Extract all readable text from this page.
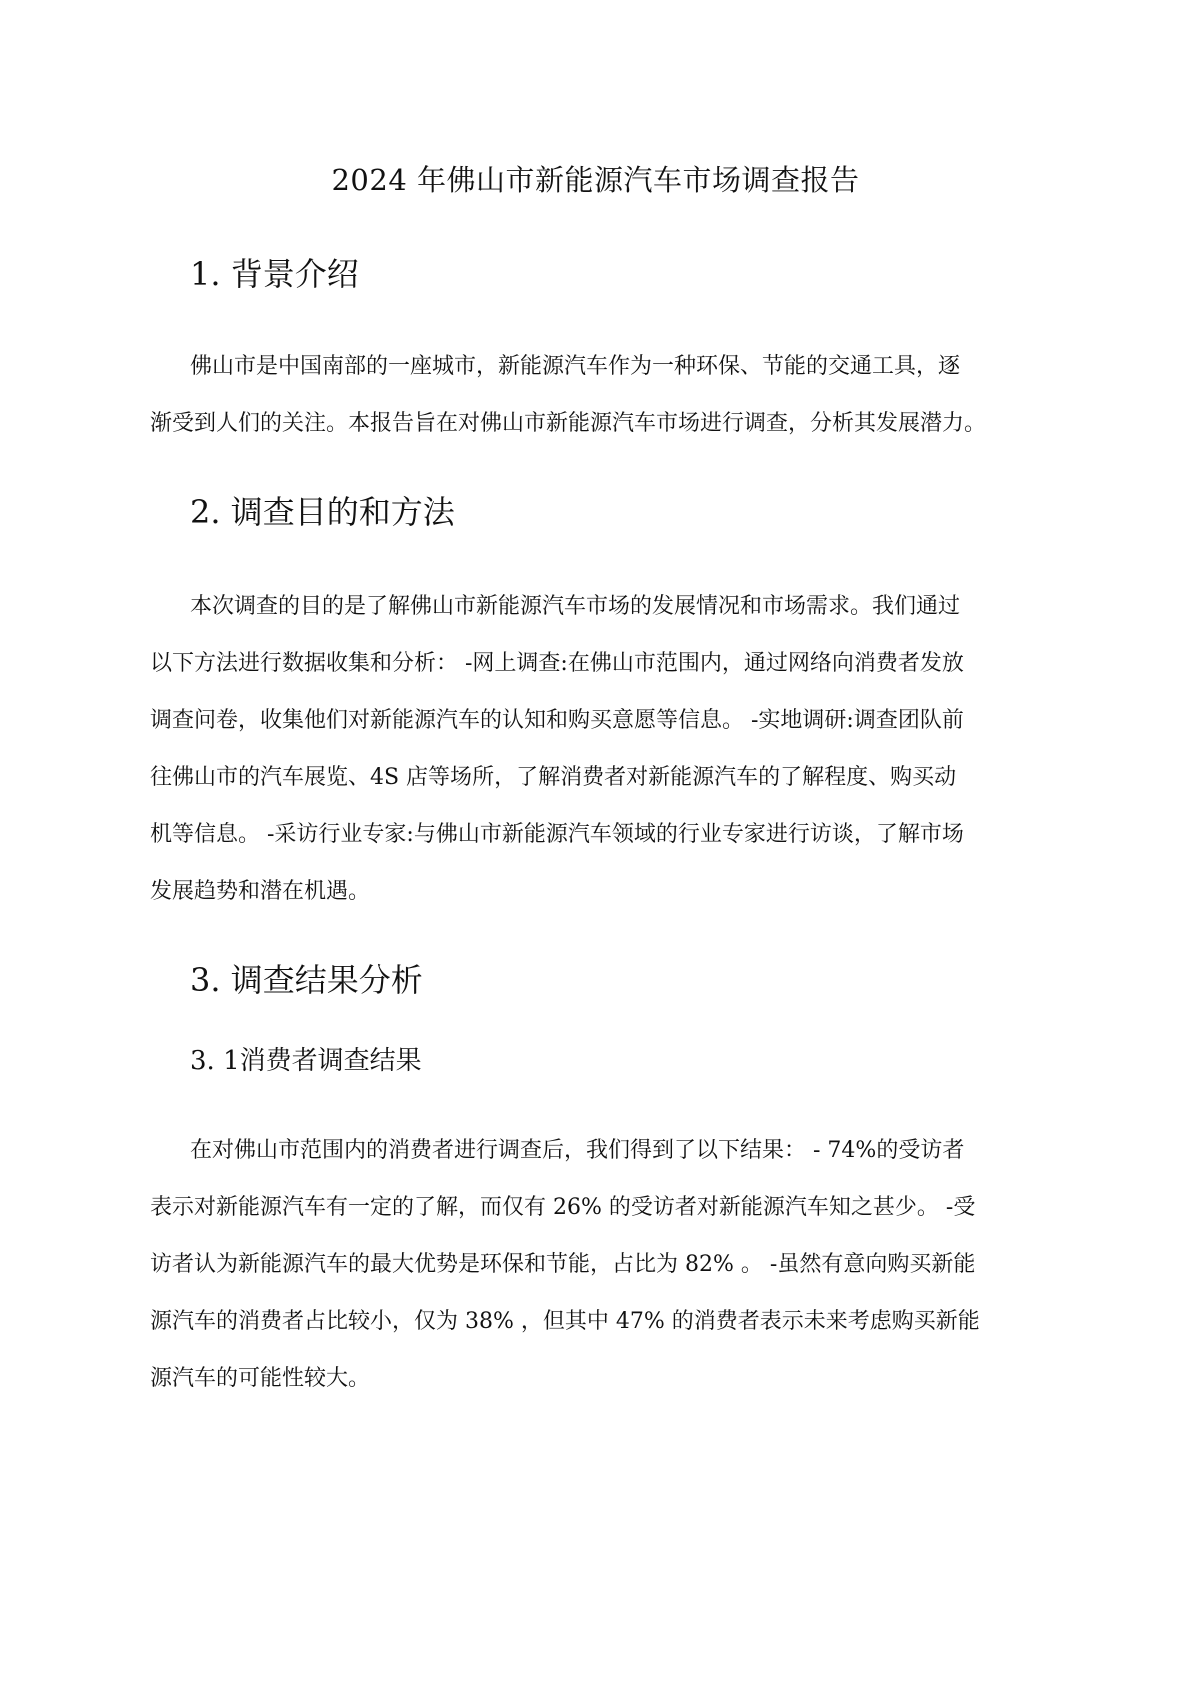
2024 年佛山市新能源汽车市场调查报告
1. 背景介绍
佛山市是中国南部的一座城市，新能源汽车作为一种环保、节能的交通工具，逐
渐受到人们的关注。本报告旨在对佛山市新能源汽车市场进行调查，分析其发展潜力。
2. 调查目的和方法
本次调查的目的是了解佛山市新能源汽车市场的发展情况和市场需求。我们通过
以下方法进行数据收集和分析： -网上调查:在佛山市范围内，通过网络向消费者发放
调查问卷，收集他们对新能源汽车的认知和购买意愿等信息。 -实地调研:调查团队前
往佛山市的汽车展览、4S 店等场所，了解消费者对新能源汽车的了解程度、购买动
机等信息。 -采访行业专家:与佛山市新能源汽车领域的行业专家进行访谈，了解市场
发展趋势和潜在机遇。
3. 调查结果分析
3. 1消费者调查结果
在对佛山市范围内的消费者进行调查后，我们得到了以下结果： - 74%的受访者
表示对新能源汽车有一定的了解，而仅有 26% 的受访者对新能源汽车知之甚少。 -受
访者认为新能源汽车的最大优势是环保和节能，占比为 82% 。 -虽然有意向购买新能
源汽车的消费者占比较小，仅为 38% ，但其中 47% 的消费者表示未来考虑购买新能
源汽车的可能性较大。
